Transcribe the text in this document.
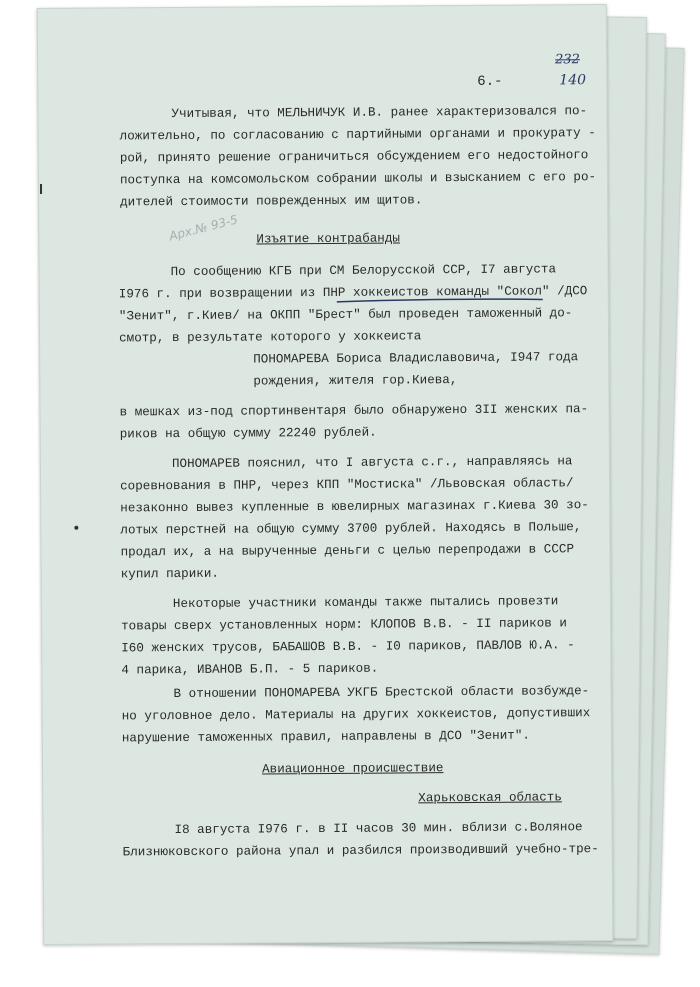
6.-
232
140
Учитывая, что МЕЛЬНИЧУК И.В. ранее характеризовался по-
ложительно, по согласованию с партийными органами и прокурату -
рой, принято решение ограничиться обсуждением его недостойного
поступка на комсомольском собрании школы и взысканием с его ро-
дителей стоимости поврежденных им щитов.
Арх.№ 93-5 Изъятие контрабанды
По сообщению КГБ при СМ Белорусской ССР, I7 августа
I976 г. при возвращении из ПНР хоккеистов команды "Сокол" /ДСО
"Зенит", г.Киев/ на ОКПП "Брест" был проведен таможенный до-
смотр, в результате которого у хоккеиста
ПОНОМАРЕВА Бориса Владиславовича, I947 года
рождения, жителя гор.Киева,
в мешках из-под спортинвентаря было обнаружено 3II женских па-
риков на общую сумму 22240 рублей.
ПОНОМАРЕВ пояснил, что I августа с.г., направляясь на
соревнования в ПНР, через КПП "Мостиска" /Львовская область/
незаконно вывез купленные в ювелирных магазинах г.Киева 30 зо-
лотых перстней на общую сумму 3700 рублей. Находясь в Польше,
продал их, а на вырученные деньги с целью перепродажи в СССР
купил парики.
Некоторые участники команды также пытались провезти
товары сверх установленных норм: КЛОПОВ В.В. - II париков и
I60 женских трусов, БАБАШОВ В.В. - I0 париков, ПАВЛОВ Ю.А. -
4 парика, ИВАНОВ Б.П. - 5 париков.
В отношении ПОНОМАРЕВА УКГБ Брестской области возбужде-
но уголовное дело. Материалы на других хоккеистов, допустивших
нарушение таможенных правил, направлены в ДСО "Зенит".
Авиационное происшествие
Харьковская область
I8 августа I976 г. в II часов 30 мин. вблизи с.Воляное
Близнюковского района упал и разбился производивший учебно-тре-
